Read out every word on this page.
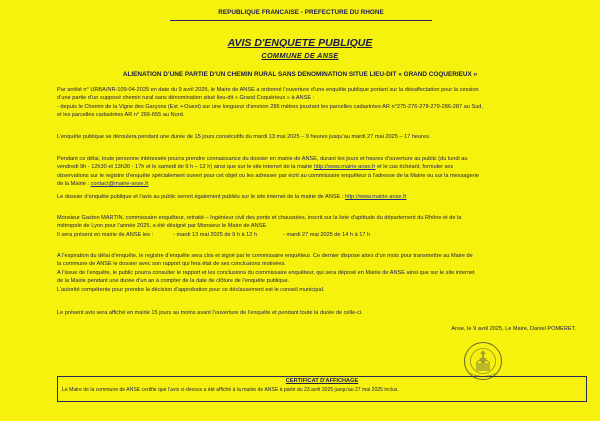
REPUBLIQUE FRANCAISE - PREFECTURE DU RHONE
AVIS D'ENQUETE PUBLIQUE
COMMUNE DE ANSE
ALIENATION D’UNE PARTIE D’UN CHEMIN RURAL SANS DENOMINATION SITUE LIEU-DIT « GRAND COQUERIEUX »

Par arrêté n° URBA/NR-109-04-2025 en date du 9 avril 2025, le Maire de ANSE a ordonné l’ouverture d’une enquête publique portant sur la désaffectation pour la cession

d’une partie d’un supposé chemin rural sans dénomination situé lieu-dit « Grand Coquérieux » à ANSE :

- depuis le Chemin de la Vigne des Garçons (Est ➢Ouest) sur une longueur d’environ 286 mètres jouxtant les parcelles cadastrées AR n°275-276-278-279-286-287 au Sud,

et les parcelles cadastrées AR n° 266-655 au Nord.

L’enquête publique se déroulera pendant une durée de 15 jours consécutifs du mardi 13 mai 2025 – 9 heures jusqu’au mardi 27 mai 2025 – 17 heures.

Pendant ce délai, toute personne intéressée pourra prendre connaissance du dossier en mairie de ANSE, durant les jours et heures d’ouverture au public (du lundi au

vendredi 9h - 12h30 et 13h30 - 17h et le samedi de 9 h – 12 h) ainsi que sur le site internet de la mairie http://www.mairie-anse.fr et le cas échéant, formuler ses

observations sur le registre d’enquête spécialement ouvert pour cet objet ou les adresser par écrit au commissaire enquêteur à l’adresse de la Mairie ou sur la messagerie

de la Mairie : contact@mairie-anse.fr

Le dossier d’enquête publique et l’avis au public seront également publiés sur le site internet de la mairie de ANSE : http://www.mairie-anse.fr

Monsieur Gaston MARTIN, commissaire enquêteur, retraité – Ingénieur civil des ponts et chaussées, inscrit sur la liste d’aptitude du département du Rhône et de la

métropole de Lyon pour l’année 2025, a été désigné par Monsieur le Maire de ANSE.

Il sera présent en mairie de ANSE les :	- mardi 13 mai 2025 de 9 h à 12 h	- mardi 27 mai 2025 de 14 h à 17 h

A l’expiration du délai d’enquête, le registre d’enquête sera clos et signé par le commissaire enquêteur. Ce dernier dispose alors d’un mois pour transmettre au Maire de

la commune de ANSE le dossier avec son rapport qui fera état de ses conclusions motivées.

A l’issue de l’enquête, le public pourra consulter le rapport et les conclusions du commissaire enquêteur, qui sera déposé en Mairie de ANSE ainsi que sur le site internet

de la Mairie pendant une durée d’un an à compter de la date de clôture de l’enquête publique.

L’autorité compétente pour prendre la décision d’approbation pour ce déclassement est le conseil municipal.

Le présent avis sera affiché en mairie 15 jours au moins avant l’ouverture de l’enquête et pendant toute la durée de celle-ci.

Anse, le 9 avril 2025, Le Maire, Daniel POMERET.
CERTIFICAT D'AFFICHAGE
Le Maire de la commune de ANSE certifie que l’avis ci-dessus a été affiché à la mairie de ANSE à partir du 23 avril 2025 jusqu’au 27 mai 2025 inclus.
